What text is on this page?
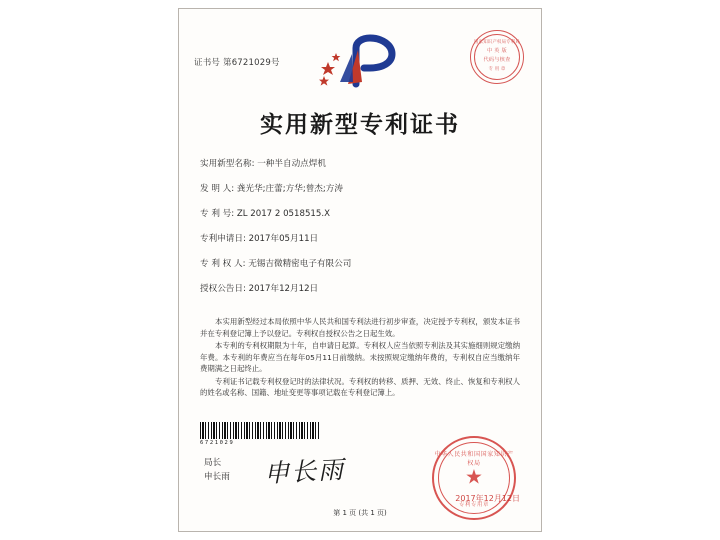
证书号 第6721029号
国家知识产权局专利局
中 英 版
代码与核查
专 用 章
实用新型专利证书
实用新型名称: 一种半自动点焊机
发 明 人: 龚光华;庄蕾;方华;曾杰;方涛
专 利 号: ZL 2017 2 0518515.X
专利申请日: 2017年05月11日
专 利 权 人: 无锡吉微精密电子有限公司
授权公告日: 2017年12月12日

本实用新型经过本局依照中华人民共和国专利法进行初步审查，决定授予专利权，颁发本证书并在专利登记簿上予以登记。专利权自授权公告之日起生效。

本专利的专利权期限为十年，自申请日起算。专利权人应当依照专利法及其实施细则规定缴纳年费。本专利的年费应当在每年05月11日前缴纳。未按照规定缴纳年费的，专利权自应当缴纳年费期满之日起终止。

专利证书记载专利权登记时的法律状况。专利权的转移、质押、无效、终止、恢复和专利权人的姓名或名称、国籍、地址变更等事项记载在专利登记簿上。

6721029
局长
申长雨 申长雨
中华人民共和国国家知识产权局
★
专利专用章
2017年12月12日
第 1 页 (共 1 页)
